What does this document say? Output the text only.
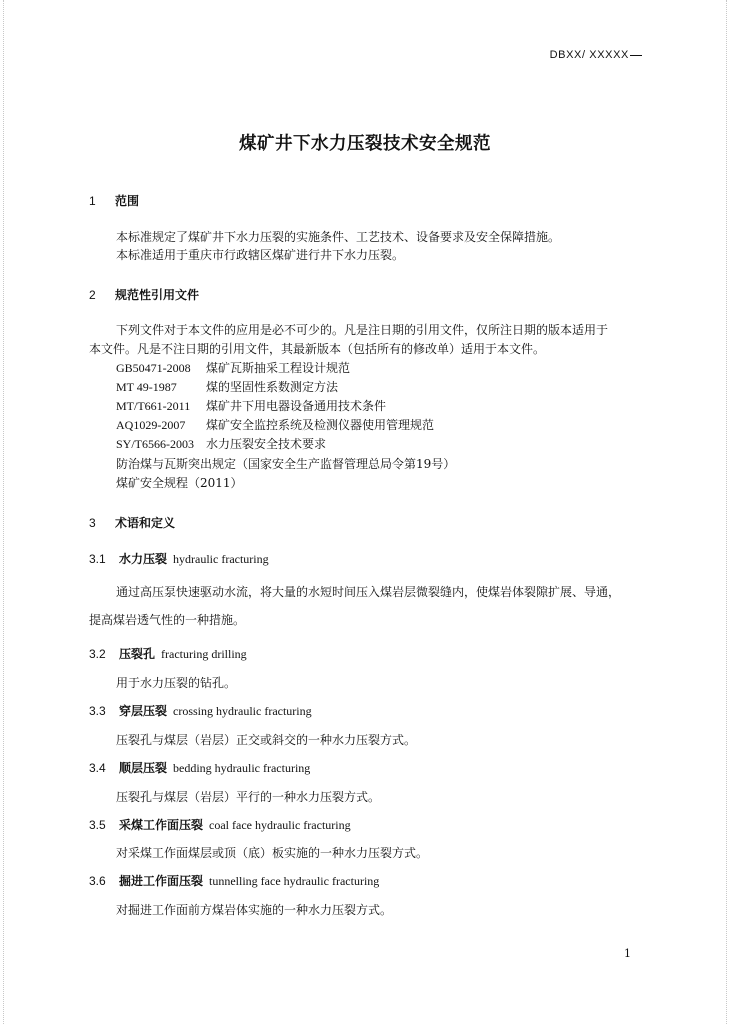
DBXX/ XXXXX
煤矿井下水力压裂技术安全规范
1 范围
本标准规定了煤矿井下水力压裂的实施条件、工艺技术、设备要求及安全保障措施。
本标准适用于重庆市行政辖区煤矿进行井下水力压裂。
2 规范性引用文件
下列文件对于本文件的应用是必不可少的。凡是注日期的引用文件，仅所注日期的版本适用于
本文件。凡是不注日期的引用文件，其最新版本（包括所有的修改单）适用于本文件。
GB50471-2008 煤矿瓦斯抽采工程设计规范
MT 49-1987 煤的坚固性系数测定方法
MT/T661-2011 煤矿井下用电器设备通用技术条件
AQ1029-2007 煤矿安全监控系统及检测仪器使用管理规范
SY/T6566-2003 水力压裂安全技术要求
防治煤与瓦斯突出规定（国家安全生产监督管理总局令第19号）
煤矿安全规程（2011）
3 术语和定义
3.1 水力压裂 hydraulic fracturing
通过高压泵快速驱动水流，将大量的水短时间压入煤岩层微裂缝内，使煤岩体裂隙扩展、导通，
提高煤岩透气性的一种措施。
3.2 压裂孔 fracturing drilling
用于水力压裂的钻孔。
3.3 穿层压裂 crossing hydraulic fracturing
压裂孔与煤层（岩层）正交或斜交的一种水力压裂方式。
3.4 顺层压裂 bedding hydraulic fracturing
压裂孔与煤层（岩层）平行的一种水力压裂方式。
3.5 采煤工作面压裂 coal face hydraulic fracturing
对采煤工作面煤层或顶（底）板实施的一种水力压裂方式。
3.6 掘进工作面压裂 tunnelling face hydraulic fracturing
对掘进工作面前方煤岩体实施的一种水力压裂方式。
1
